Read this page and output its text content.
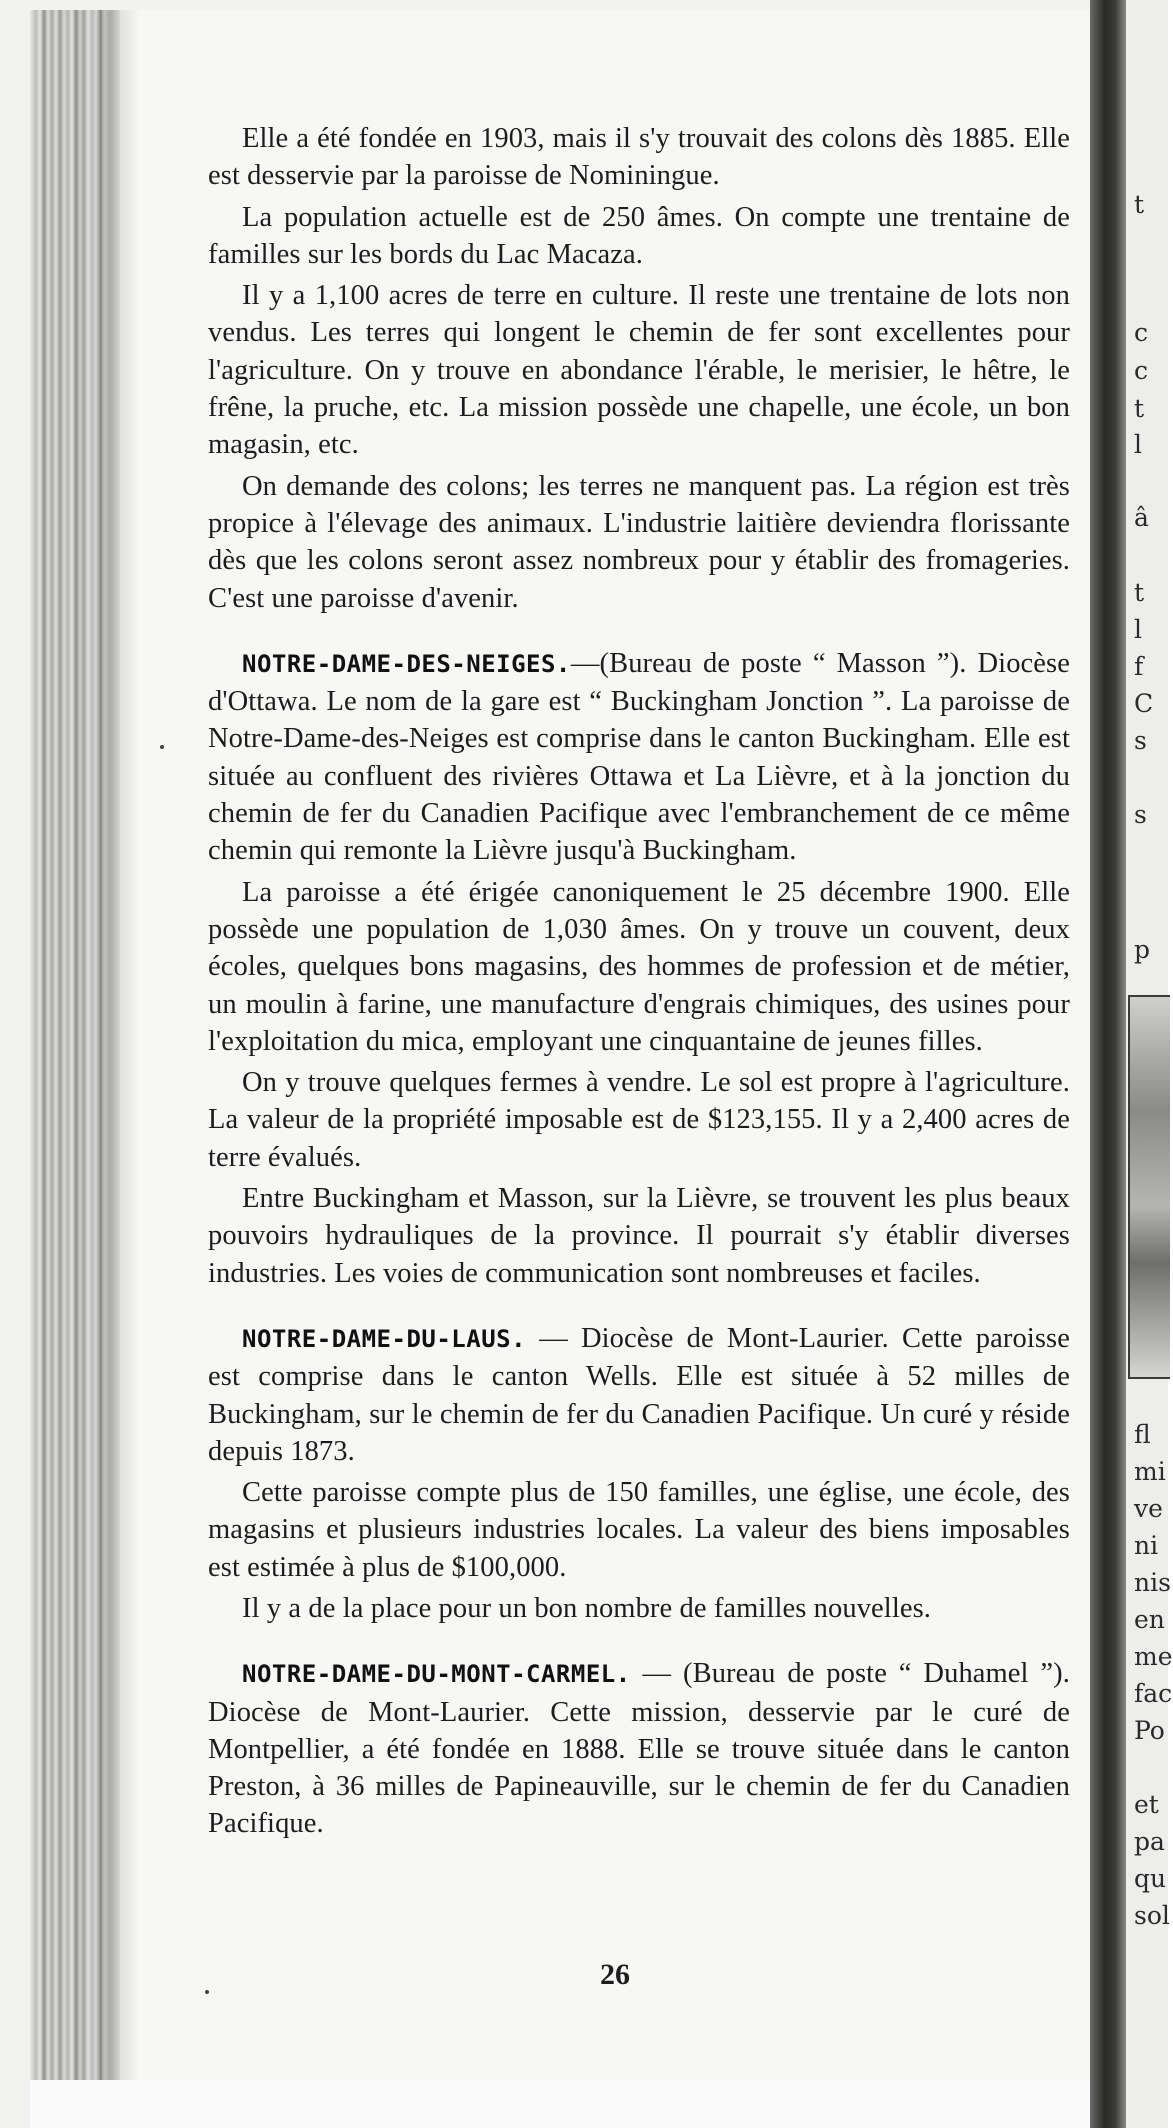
Elle a été fondée en 1903, mais il s'y trouvait des colons dès 1885. Elle est desservie par la paroisse de Nominingue.

La population actuelle est de 250 âmes. On compte une trentaine de familles sur les bords du Lac Macaza.

Il y a 1,100 acres de terre en culture. Il reste une trentaine de lots non vendus. Les terres qui longent le chemin de fer sont excellentes pour l'agriculture. On y trouve en abondance l'érable, le merisier, le hêtre, le frêne, la pruche, etc. La mission possède une chapelle, une école, un bon magasin, etc.

On demande des colons; les terres ne manquent pas. La région est très propice à l'élevage des animaux. L'industrie laitière deviendra florissante dès que les colons seront assez nombreux pour y établir des fromageries. C'est une paroisse d'avenir.

NOTRE-DAME-DES-NEIGES.—(Bureau de poste “ Masson ”). Diocèse d'Ottawa. Le nom de la gare est “ Buckingham Jonction ”. La paroisse de Notre-Dame-des-Neiges est comprise dans le canton Buckingham. Elle est située au confluent des rivières Ottawa et La Lièvre, et à la jonction du chemin de fer du Canadien Pacifique avec l'embranchement de ce même chemin qui remonte la Lièvre jusqu'à Buckingham.

La paroisse a été érigée canoniquement le 25 décembre 1900. Elle possède une population de 1,030 âmes. On y trouve un couvent, deux écoles, quelques bons magasins, des hommes de profession et de métier, un moulin à farine, une manufacture d'engrais chimiques, des usines pour l'exploitation du mica, employant une cinquantaine de jeunes filles.

On y trouve quelques fermes à vendre. Le sol est propre à l'agriculture. La valeur de la propriété imposable est de $123,155. Il y a 2,400 acres de terre évalués.

Entre Buckingham et Masson, sur la Lièvre, se trouvent les plus beaux pouvoirs hydrauliques de la province. Il pourrait s'y établir diverses industries. Les voies de communication sont nombreuses et faciles.

NOTRE-DAME-DU-LAUS. — Diocèse de Mont-Laurier. Cette paroisse est comprise dans le canton Wells. Elle est située à 52 milles de Buckingham, sur le chemin de fer du Canadien Pacifique. Un curé y réside depuis 1873.

Cette paroisse compte plus de 150 familles, une église, une école, des magasins et plusieurs industries locales. La valeur des biens imposables est estimée à plus de $100,000.

Il y a de la place pour un bon nombre de familles nouvelles.

NOTRE-DAME-DU-MONT-CARMEL. — (Bureau de poste “ Duhamel ”). Diocèse de Mont-Laurier. Cette mission, desservie par le curé de Montpellier, a été fondée en 1888. Elle se trouve située dans le canton Preston, à 36 milles de Papineauville, sur le chemin de fer du Canadien Pacifique.

26
t
c
c
t
l
â
t
l
f
C
s
s
p
fl
mi
ve
ni
nis
en
me
fac
Po
et
pa
qu
sol
